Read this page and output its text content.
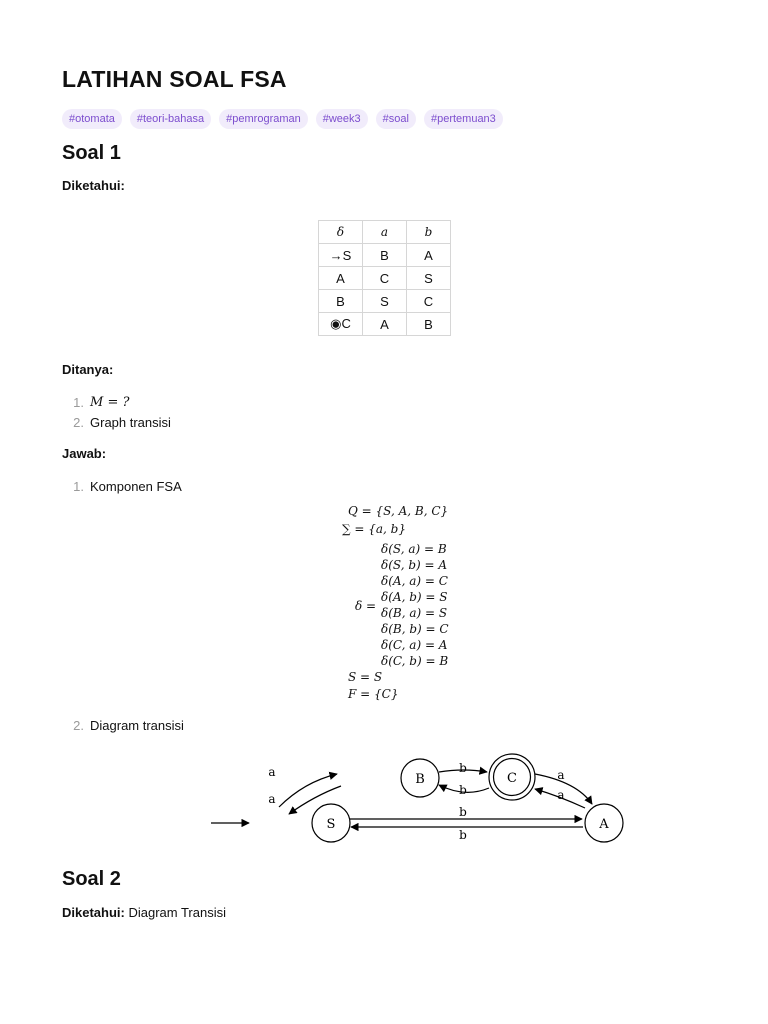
LATIHAN SOAL FSA
#otomata	#teori-bahasa	#pemrograman	#week3	#soal	#pertemuan3
Soal 1
Diketahui:
δ	a	b
→S	B	A
A	C	S
B	S	C
◉C	A	B
Ditanya:
1. M = ?
2. Graph transisi
Jawab:
1. Komponen FSA
Q = {S, A, B, C}
∑ = {a, b}
δ =
δ(S, a) = B
δ(S, b) = A
δ(A, a) = C
δ(A, b) = S
δ(B, a) = S
δ(B, b) = C
δ(C, a) = A
δ(C, b) = B
S = S
F = {C}
2. Diagram transisi
a
a
b
b
a
a
b
b
S
B	C
A
Soal 2
Diketahui: Diagram Transisi
